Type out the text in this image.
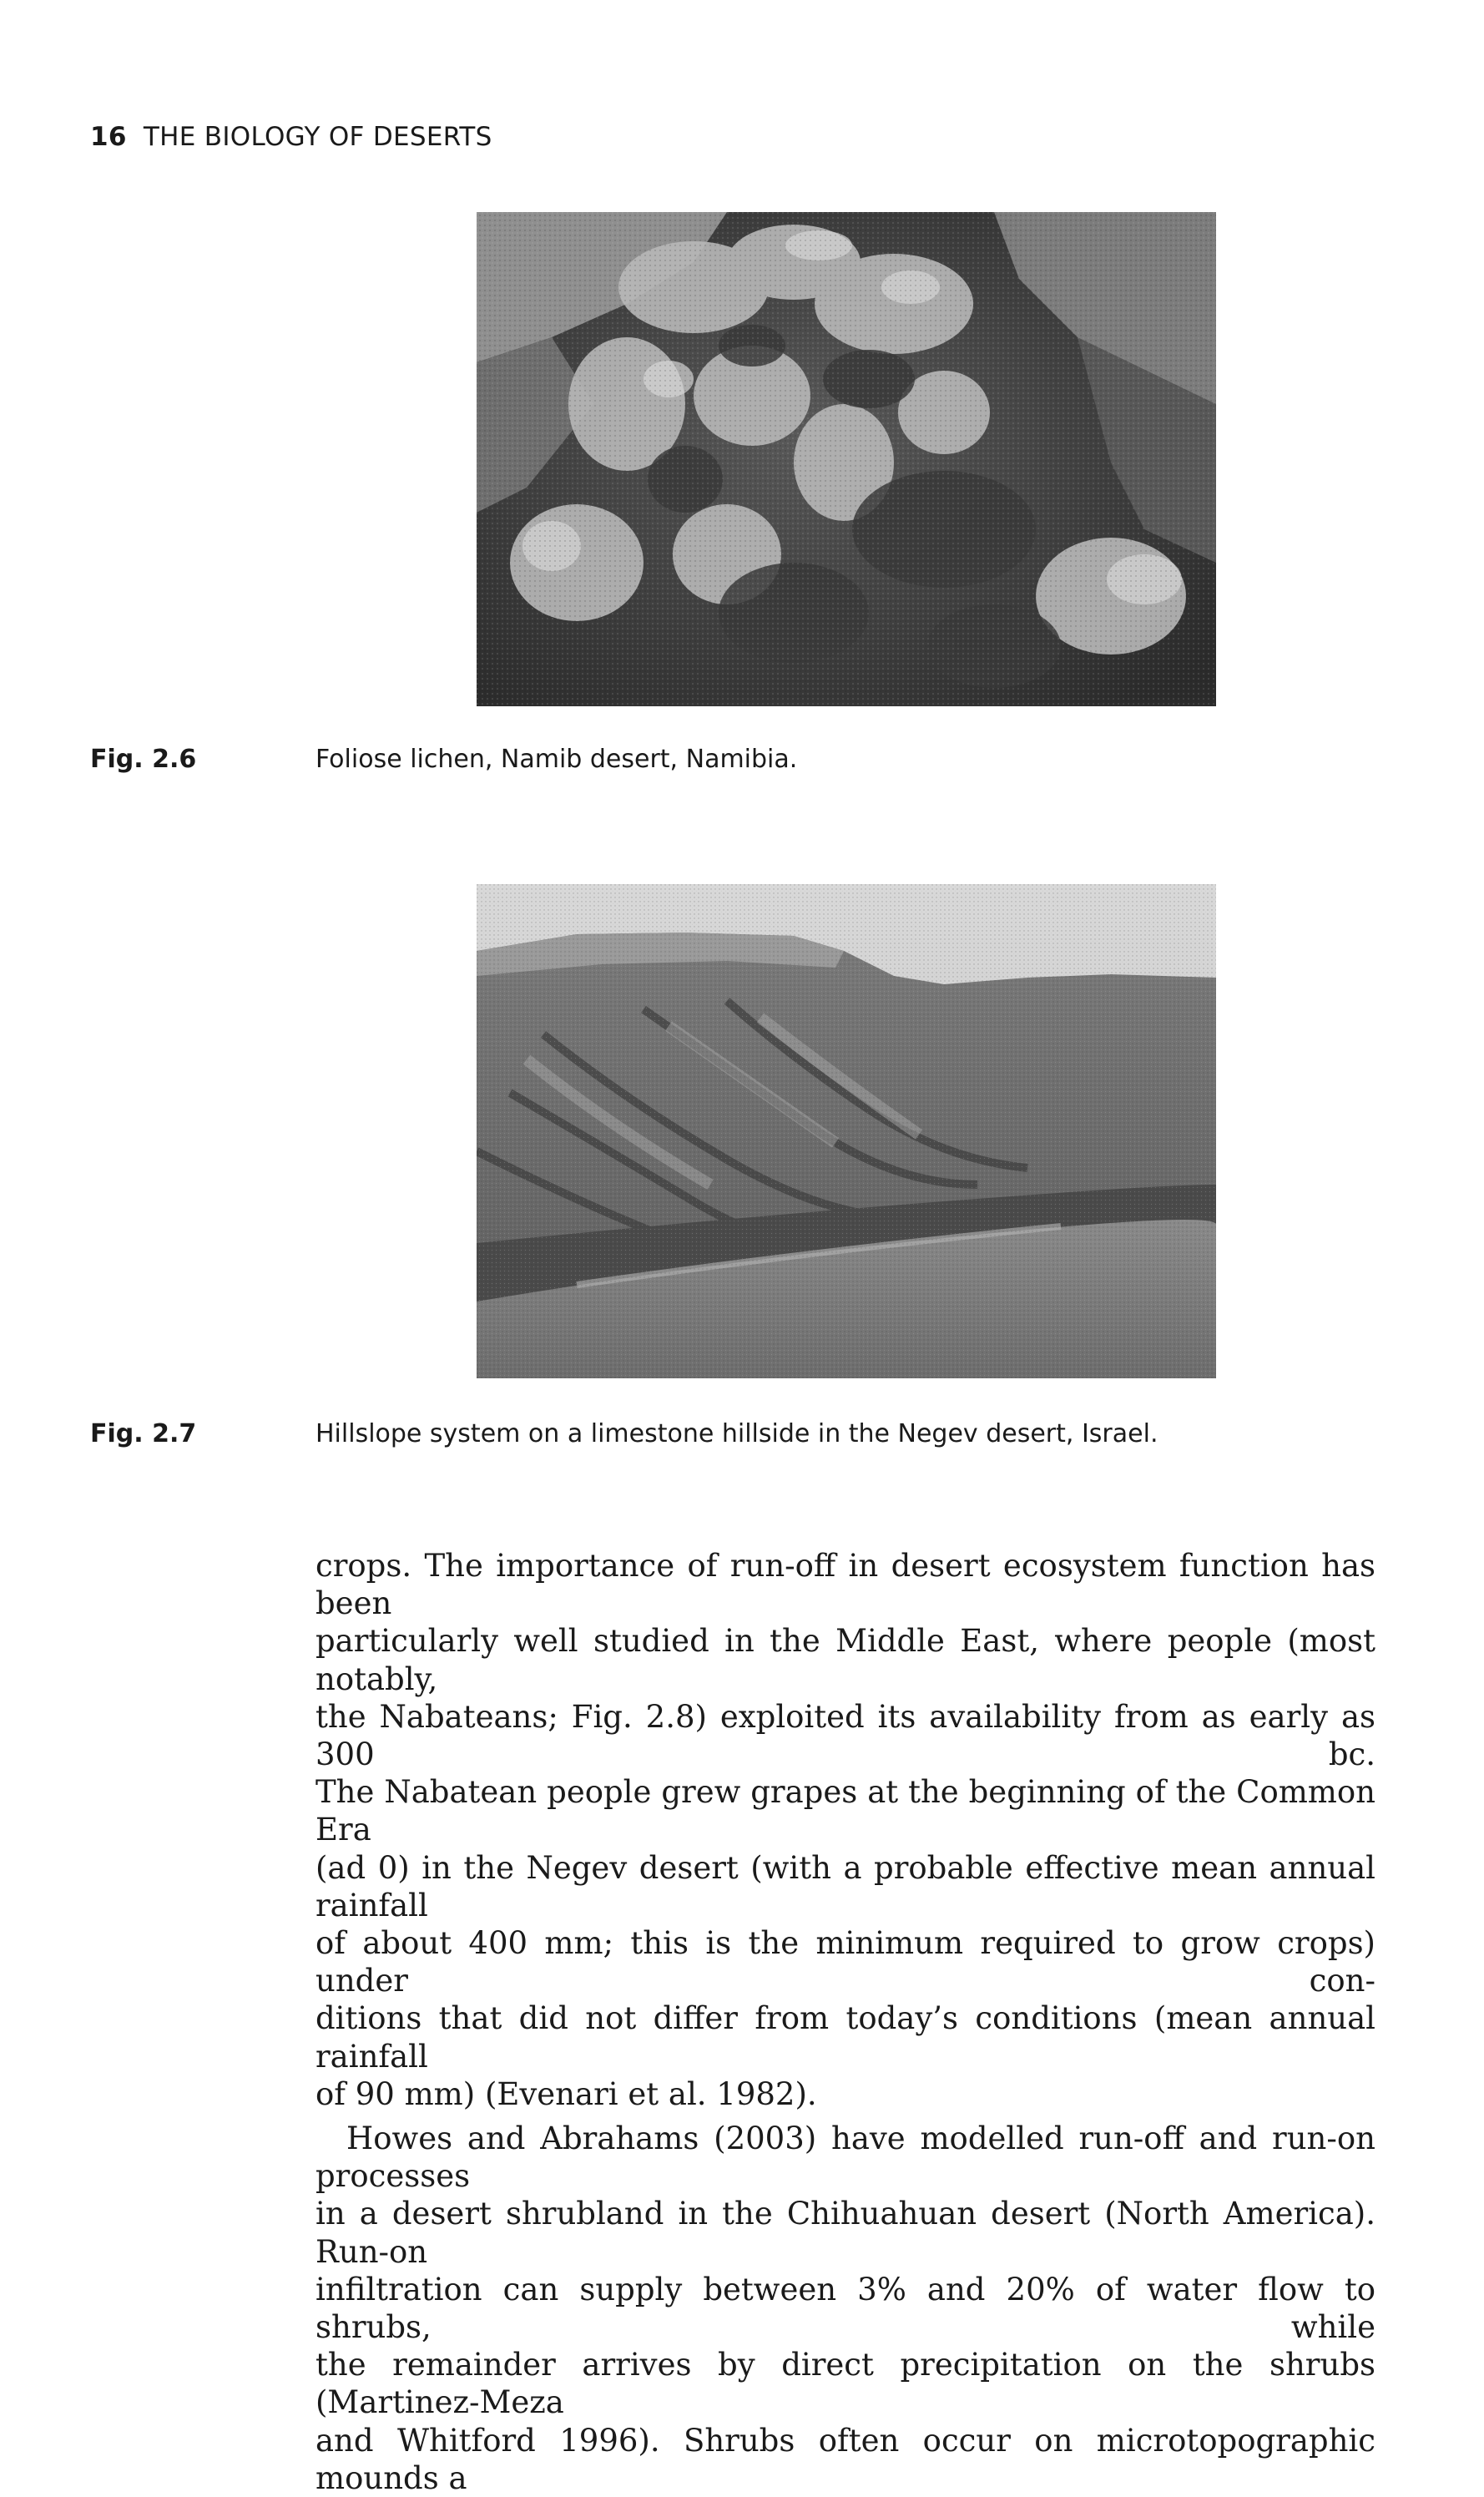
16 THE BIOLOGY OF DESERTS
Fig. 2.6	Foliose lichen, Namib desert, Namibia.
Fig. 2.7	Hillslope system on a limestone hillside in the Negev desert, Israel.
crops. The importance of run-off in desert ecosystem function has been
particularly well studied in the Middle East, where people (most notably,
the Nabateans; Fig. 2.8) exploited its availability from as early as 300 bc.
The Nabatean people grew grapes at the beginning of the Common Era
(ad 0) in the Negev desert (with a probable effective mean annual rainfall
of about 400 mm; this is the minimum required to grow crops) under con-
ditions that did not differ from today’s conditions (mean annual rainfall
of 90 mm) (Evenari et al. 1982).
Howes and Abrahams (2003) have modelled run-off and run-on processes
in a desert shrubland in the Chihuahuan desert (North America). Run-on
infiltration can supply between 3% and 20% of water flow to shrubs, while
the remainder arrives by direct precipitation on the shrubs (Martinez-Meza
and Whitford 1996). Shrubs often occur on microtopographic mounds a
